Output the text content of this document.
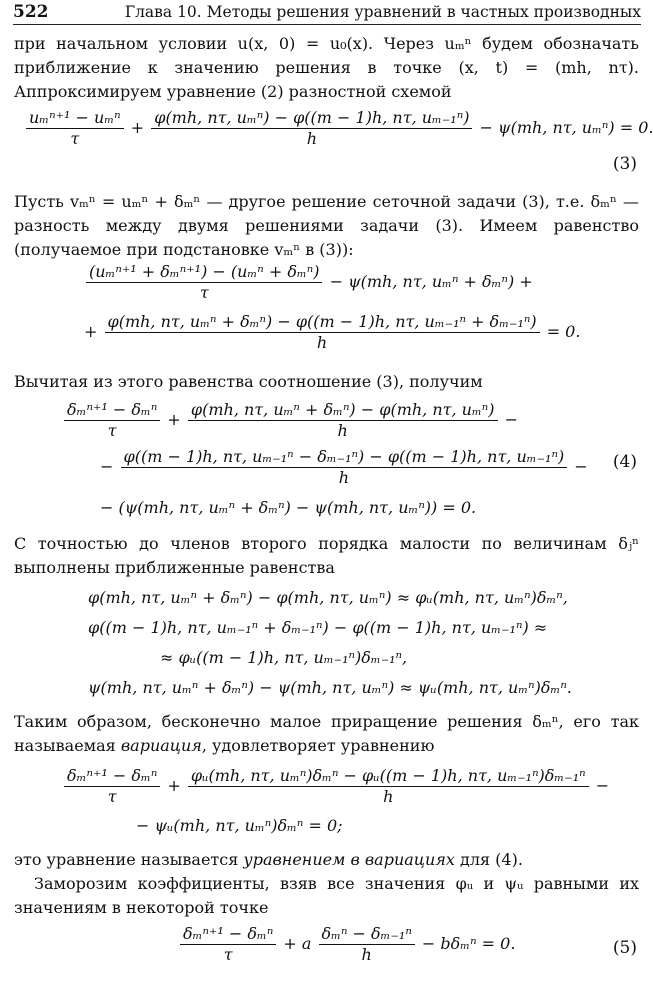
522	Глава 10. Методы решения уравнений в частных производных
при начальном условии u(x, 0) = u₀(x). Через uₘⁿ будем обозначать приближение к значению решения в точке (x, t) = (mh, nτ). Аппроксимируем уравнение (2) разностной схемой
$\frac{\text{uₘⁿ⁺¹ − uₘⁿ}}{\tau} + \frac{\text{φ(mh, nτ, uₘⁿ) − φ((m − 1)h, nτ, uₘ₋₁ⁿ)}}{h} - \psi(mh$, nτ, uₘⁿ) = 0.
(3)
Пусть vₘⁿ = uₘⁿ + δₘⁿ — другое решение сеточной задачи (3), т.е. δₘⁿ — разность между двумя решениями задачи (3). Имеем равенство (получаемое при подстановке vₘⁿ в (3)):
$\frac{\text{(uₘⁿ⁺¹ + δₘⁿ⁺¹) − (uₘⁿ + δₘⁿ)}}{\tau} - \psi(mh$, nτ, uₘⁿ + δₘⁿ) +
+ $\frac{\text{φ(mh, nτ, uₘⁿ + δₘⁿ) − φ((m − 1)h, nτ, uₘ₋₁ⁿ + δₘ₋₁ⁿ)}}{h} = 0$.
Вычитая из этого равенства соотношение (3), получим
$\frac{\text{δₘⁿ⁺¹ − δₘⁿ}}{\tau} + \frac{\text{φ(mh, nτ, uₘⁿ + δₘⁿ) − φ(mh, nτ, uₘⁿ)}}{h}$ −
− $\frac{\text{φ((m − 1)h, nτ, uₘ₋₁ⁿ − δₘ₋₁ⁿ) − φ((m − 1)h, nτ, uₘ₋₁ⁿ)}}{h} - (4)$
− (ψ(mh, nτ, uₘⁿ + δₘⁿ) − ψ(mh, nτ, uₘⁿ)) = 0.
С точностью до членов второго порядка малости по величинам δⱼⁿ выполнены приближенные равенства
φ(mh, nτ, uₘⁿ + δₘⁿ) − φ(mh, nτ, uₘⁿ) ≈ φᵤ(mh, nτ, uₘⁿ)δₘⁿ,
φ((m − 1)h, nτ, uₘ₋₁ⁿ + δₘ₋₁ⁿ) − φ((m − 1)h, nτ, uₘ₋₁ⁿ) ≈
≈ φᵤ((m − 1)h, nτ, uₘ₋₁ⁿ)δₘ₋₁ⁿ,
ψ(mh, nτ, uₘⁿ + δₘⁿ) − ψ(mh, nτ, uₘⁿ) ≈ ψᵤ(mh, nτ, uₘⁿ)δₘⁿ.
Таким образом, бесконечно малое приращение решения δₘⁿ, его так называемая вариация, удовлетворяет уравнению
$\frac{\text{δₘⁿ⁺¹ − δₘⁿ}}{\tau} + \frac{\text{φᵤ(mh, nτ, uₘⁿ)δₘⁿ − φᵤ((m − 1)h, nτ, uₘ₋₁ⁿ)δₘ₋₁ⁿ}}{h}$ −
− ψᵤ(mh, nτ, uₘⁿ)δₘⁿ = 0;
это уравнение называется уравнением в вариациях для (4).
Заморозим коэффициенты, взяв все значения φᵤ и ψᵤ равными их значениям в некоторой точке
$\frac{\text{δₘⁿ⁺¹ − δₘⁿ}}{\tau} + a \frac{\text{δₘⁿ − δₘ₋₁ⁿ}}{h} - b\delta_m^n = 0$.	(5)
